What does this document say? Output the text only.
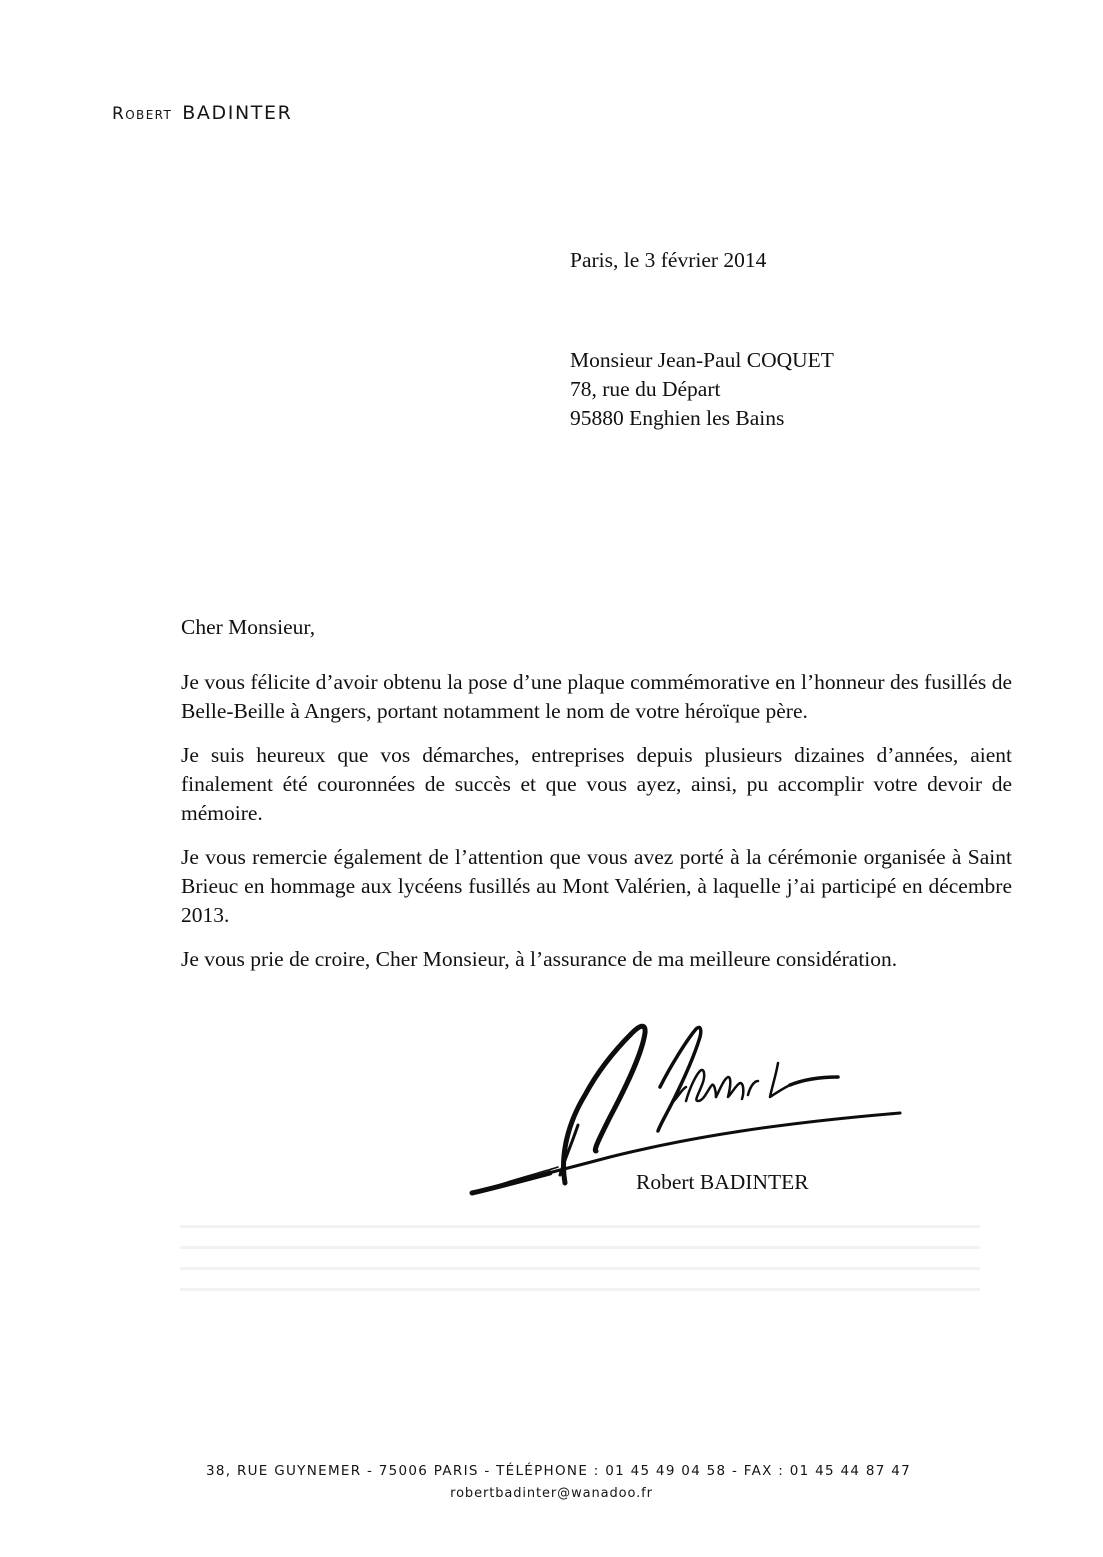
Robert BADINTER
Paris, le 3 février 2014
Monsieur Jean-Paul COQUET
78, rue du Départ
95880 Enghien les Bains
Cher Monsieur,

Je vous félicite d’avoir obtenu la pose d’une plaque commémorative en l’honneur des fusillés de Belle-Beille à Angers, portant notamment le nom de votre héroïque père.

Je suis heureux que vos démarches, entreprises depuis plusieurs dizaines d’années, aient finalement été couronnées de succès et que vous ayez, ainsi, pu accomplir votre devoir de mémoire.

Je vous remercie également de l’attention que vous avez porté à la cérémonie organisée à Saint Brieuc en hommage aux lycéens fusillés au Mont Valérien, à laquelle j’ai participé en décembre 2013.

Je vous prie de croire, Cher Monsieur, à l’assurance de ma meilleure considération.

Robert BADINTER
38, RUE GUYNEMER - 75006 PARIS - TÉLÉPHONE : 01 45 49 04 58 - FAX : 01 45 44 87 47
robertbadinter@wanadoo.fr
